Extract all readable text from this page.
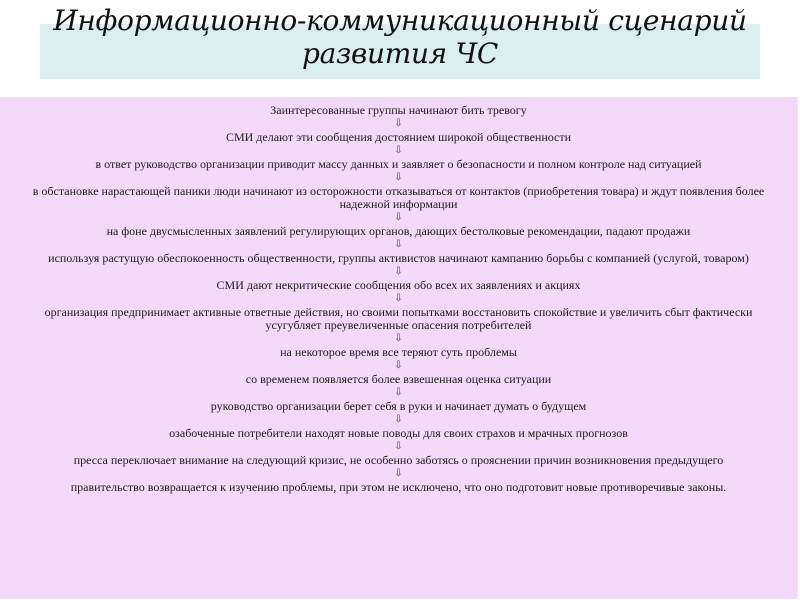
Информационно-коммуникационный сценарий
развития ЧС
Заинтересованные группы начинают бить тревогу
⇩
СМИ делают эти сообщения достоянием широкой общественности
⇩
в ответ руководство организации приводит массу данных и заявляет о безопасности и полном контроле над ситуацией
⇩
в обстановке нарастающей паники люди начинают из осторожности отказываться от контактов (приобретения товара) и ждут появления более надежной информации
⇩
на фоне двусмысленных заявлений регулирующих органов, дающих бестолковые рекомендации, падают продажи
⇩
используя растущую обеспокоенность общественности, группы активистов начинают кампанию борьбы с компанией (услугой, товаром)
⇩
СМИ дают некритические сообщения обо всех их заявлениях и акциях
⇩
организация предпринимает активные ответные действия, но своими попытками восстановить спокойствие и увеличить сбыт фактически усугубляет преувеличенные опасения потребителей
⇩
на некоторое время все теряют суть проблемы
⇩
со временем появляется более взвешенная оценка ситуации
⇩
руководство организации берет себя в руки и начинает думать о будущем
⇩
озабоченные потребители находят новые поводы для своих страхов и мрачных прогнозов
⇩
пресса переключает внимание на следующий кризис, не особенно заботясь о прояснении причин возникновения предыдущего
⇩
правительство возвращается к изучению проблемы, при этом не исключено, что оно подготовит новые противоречивые законы.
